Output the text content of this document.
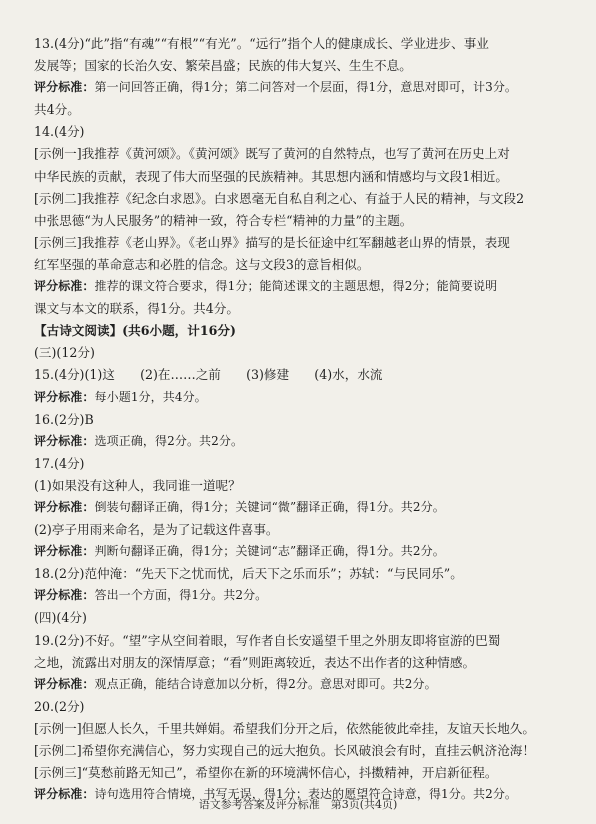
13.(4分)“此”指“有魂”“有根”“有光”。“远行”指个人的健康成长、学业进步、事业
发展等；国家的长治久安、繁荣昌盛；民族的伟大复兴、生生不息。
评分标准：第一问回答正确，得1分；第二问答对一个层面，得1分，意思对即可，计3分。
共4分。
14.(4分)
[示例一]我推荐《黄河颂》。《黄河颂》既写了黄河的自然特点，也写了黄河在历史上对
中华民族的贡献，表现了伟大而坚强的民族精神。其思想内涵和情感均与文段1相近。
[示例二]我推荐《纪念白求恩》。白求恩毫无自私自利之心、有益于人民的精神，与文段2
中张思德“为人民服务”的精神一致，符合专栏“精神的力量”的主题。
[示例三]我推荐《老山界》。《老山界》描写的是长征途中红军翻越老山界的情景，表现
红军坚强的革命意志和必胜的信念。这与文段3的意旨相似。
评分标准：推荐的课文符合要求，得1分；能简述课文的主题思想，得2分；能简要说明
课文与本文的联系，得1分。共4分。
【古诗文阅读】(共6小题，计16分)
(三)(12分)
15.(4分)(1)这　　(2)在……之前　　(3)修建　　(4)水，水流
评分标准：每小题1分，共4分。
16.(2分)B
评分标准：选项正确，得2分。共2分。
17.(4分)
(1)如果没有这种人，我同谁一道呢？
评分标准：倒装句翻译正确，得1分；关键词“微”翻译正确，得1分。共2分。
(2)亭子用雨来命名，是为了记载这件喜事。
评分标准：判断句翻译正确，得1分；关键词“志”翻译正确，得1分。共2分。
18.(2分)范仲淹：“先天下之忧而忧，后天下之乐而乐”；苏轼：“与民同乐”。
评分标准：答出一个方面，得1分。共2分。
(四)(4分)
19.(2分)不好。“望”字从空间着眼，写作者自长安遥望千里之外朋友即将宦游的巴蜀
之地，流露出对朋友的深情厚意；“看”则距离较近，表达不出作者的这种情感。
评分标准：观点正确，能结合诗意加以分析，得2分。意思对即可。共2分。
20.(2分)
[示例一]但愿人长久，千里共婵娟。希望我们分开之后，依然能彼此牵挂，友谊天长地久。
[示例二]希望你充满信心，努力实现自己的远大抱负。长风破浪会有时，直挂云帆济沧海！
[示例三]“莫愁前路无知己”，希望你在新的环境满怀信心，抖擞精神，开启新征程。
评分标准：诗句选用符合情境，书写无误，得1分；表达的愿望符合诗意，得1分。共2分。
语文参考答案及评分标准　第3页(共4页)
